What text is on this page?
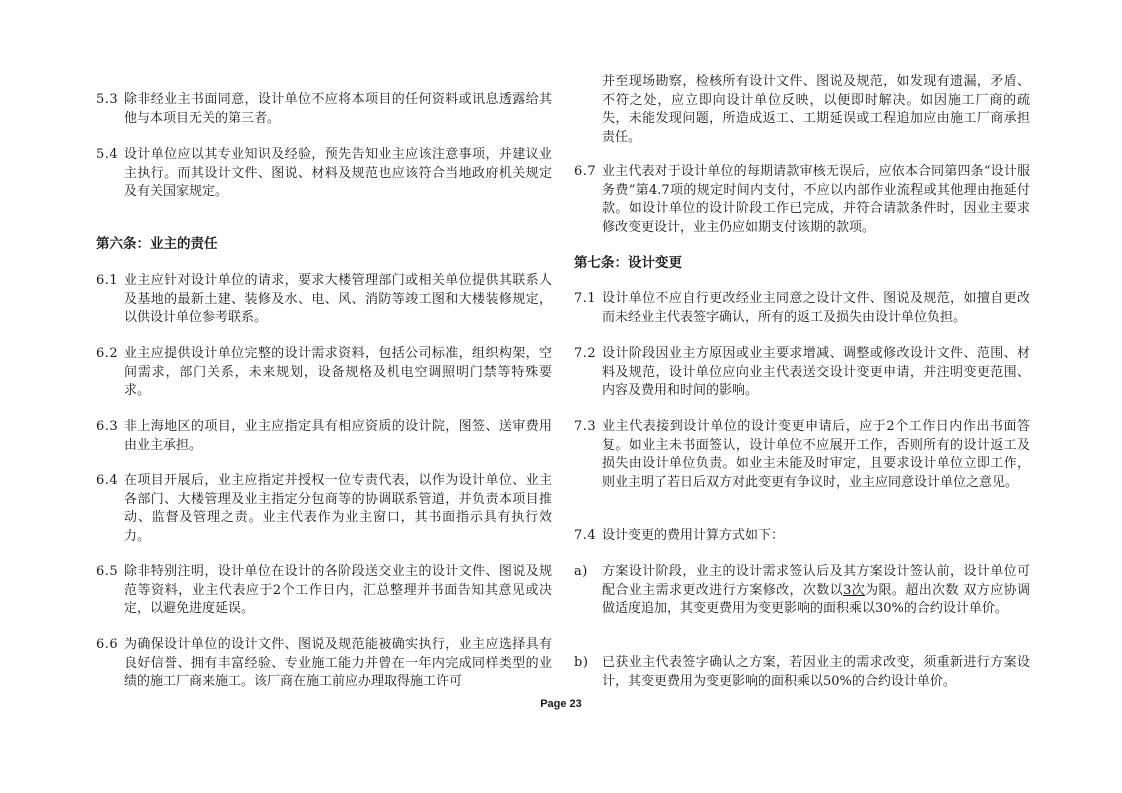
5.3 除非经业主书面同意，设计单位不应将本项目的任何资料或讯息透露给其他与本项目无关的第三者。
5.4 设计单位应以其专业知识及经验，预先告知业主应该注意事项，并建议业主执行。而其设计文件、图说、材料及规范也应该符合当地政府机关规定及有关国家规定。
第六条：业主的责任
6.1 业主应针对设计单位的请求，要求大楼管理部门或相关单位提供其联系人及基地的最新土建、装修及水、电、风、消防等竣工图和大楼装修规定，以供设计单位参考联系。
6.2 业主应提供设计单位完整的设计需求资料，包括公司标准，组织构架，空间需求，部门关系，未来规划，设备规格及机电空调照明门禁等特殊要求。
6.3 非上海地区的项目，业主应指定具有相应资质的设计院，图签、送审费用由业主承担。
6.4 在项目开展后，业主应指定并授权一位专责代表，以作为设计单位、业主各部门、大楼管理及业主指定分包商等的协调联系管道，并负责本项目推动、监督及管理之责。业主代表作为业主窗口，其书面指示具有执行效力。
6.5 除非特别注明，设计单位在设计的各阶段送交业主的设计文件、图说及规范等资料，业主代表应于2个工作日内，汇总整理并书面告知其意见或决定，以避免进度延误。
6.6 为确保设计单位的设计文件、图说及规范能被确实执行，业主应选择具有良好信誉、拥有丰富经验、专业施工能力并曾在一年内完成同样类型的业绩的施工厂商来施工。该厂商在施工前应办理取得施工许可
并至现场勘察，检核所有设计文件、图说及规范，如发现有遗漏，矛盾、不符之处，应立即向设计单位反映，以便即时解决。如因施工厂商的疏失，未能发现问题，所造成返工、工期延误或工程追加应由施工厂商承担责任。
6.7 业主代表对于设计单位的每期请款审核无误后，应依本合同第四条“设计服务费”第4.7项的规定时间内支付，不应以内部作业流程或其他理由拖延付款。如设计单位的设计阶段工作已完成，并符合请款条件时，因业主要求修改变更设计，业主仍应如期支付该期的款项。
第七条：设计变更
7.1 设计单位不应自行更改经业主同意之设计文件、图说及规范，如擅自更改而未经业主代表签字确认，所有的返工及损失由设计单位负担。
7.2 设计阶段因业主方原因或业主要求增减、调整或修改设计文件、范围、材料及规范，设计单位应向业主代表送交设计变更申请，并注明变更范围、内容及费用和时间的影响。
7.3 业主代表接到设计单位的设计变更申请后，应于2个工作日内作出书面答复。如业主未书面签认，设计单位不应展开工作，否则所有的设计返工及损失由设计单位负责。如业主未能及时审定，且要求设计单位立即工作，则业主明了若日后双方对此变更有争议时，业主应同意设计单位之意见。
7.4 设计变更的费用计算方式如下：
a)	方案设计阶段，业主的设计需求签认后及其方案设计签认前，设计单位可配合业主需求更改进行方案修改，次数以3次为限。超出次数 双方应协调做适度追加，其变更费用为变更影响的面积乘以30%的合约设计单价。
b)	已获业主代表签字确认之方案，若因业主的需求改变，须重新进行方案设计，其变更费用为变更影响的面积乘以50%的合约设计单价。
Page 23
